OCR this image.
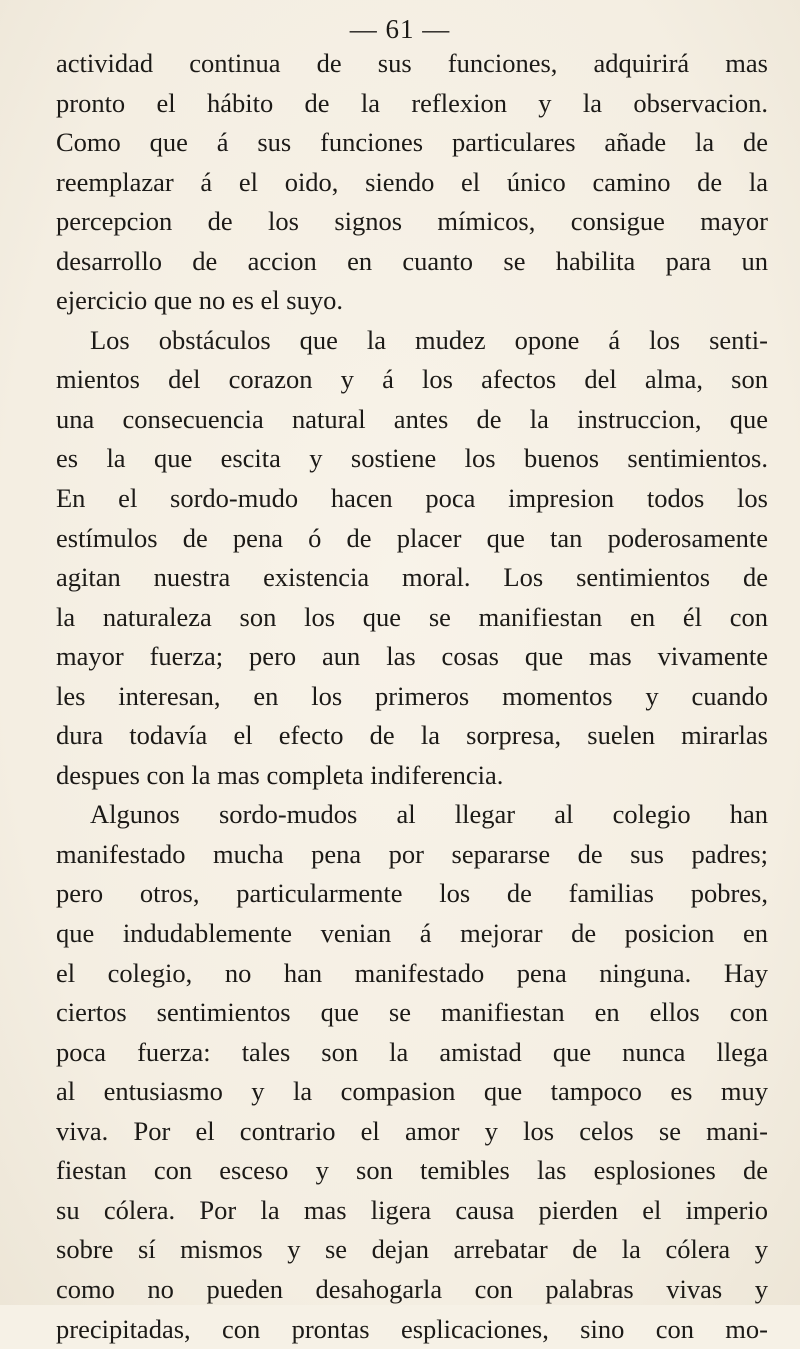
— 61 —
actividad continua de sus funciones, adquirirá mas
pronto el hábito de la reflexion y la observacion.
Como que á sus funciones particulares añade la de
reemplazar á el oido, siendo el único camino de la
percepcion de los signos mímicos, consigue mayor
desarrollo de accion en cuanto se habilita para un
ejercicio que no es el suyo.
Los obstáculos que la mudez opone á los senti-
mientos del corazon y á los afectos del alma, son
una consecuencia natural antes de la instruccion, que
es la que escita y sostiene los buenos sentimientos.
En el sordo-mudo hacen poca impresion todos los
estímulos de pena ó de placer que tan poderosamente
agitan nuestra existencia moral. Los sentimientos de
la naturaleza son los que se manifiestan en él con
mayor fuerza; pero aun las cosas que mas vivamente
les interesan, en los primeros momentos y cuando
dura todavía el efecto de la sorpresa, suelen mirarlas
despues con la mas completa indiferencia.
Algunos sordo-mudos al llegar al colegio han
manifestado mucha pena por separarse de sus padres;
pero otros, particularmente los de familias pobres,
que indudablemente venian á mejorar de posicion en
el colegio, no han manifestado pena ninguna. Hay
ciertos sentimientos que se manifiestan en ellos con
poca fuerza: tales son la amistad que nunca llega
al entusiasmo y la compasion que tampoco es muy
viva. Por el contrario el amor y los celos se mani-
fiestan con esceso y son temibles las esplosiones de
su cólera. Por la mas ligera causa pierden el imperio
sobre sí mismos y se dejan arrebatar de la cólera y
como no pueden desahogarla con palabras vivas y
precipitadas, con prontas esplicaciones, sino con mo-
